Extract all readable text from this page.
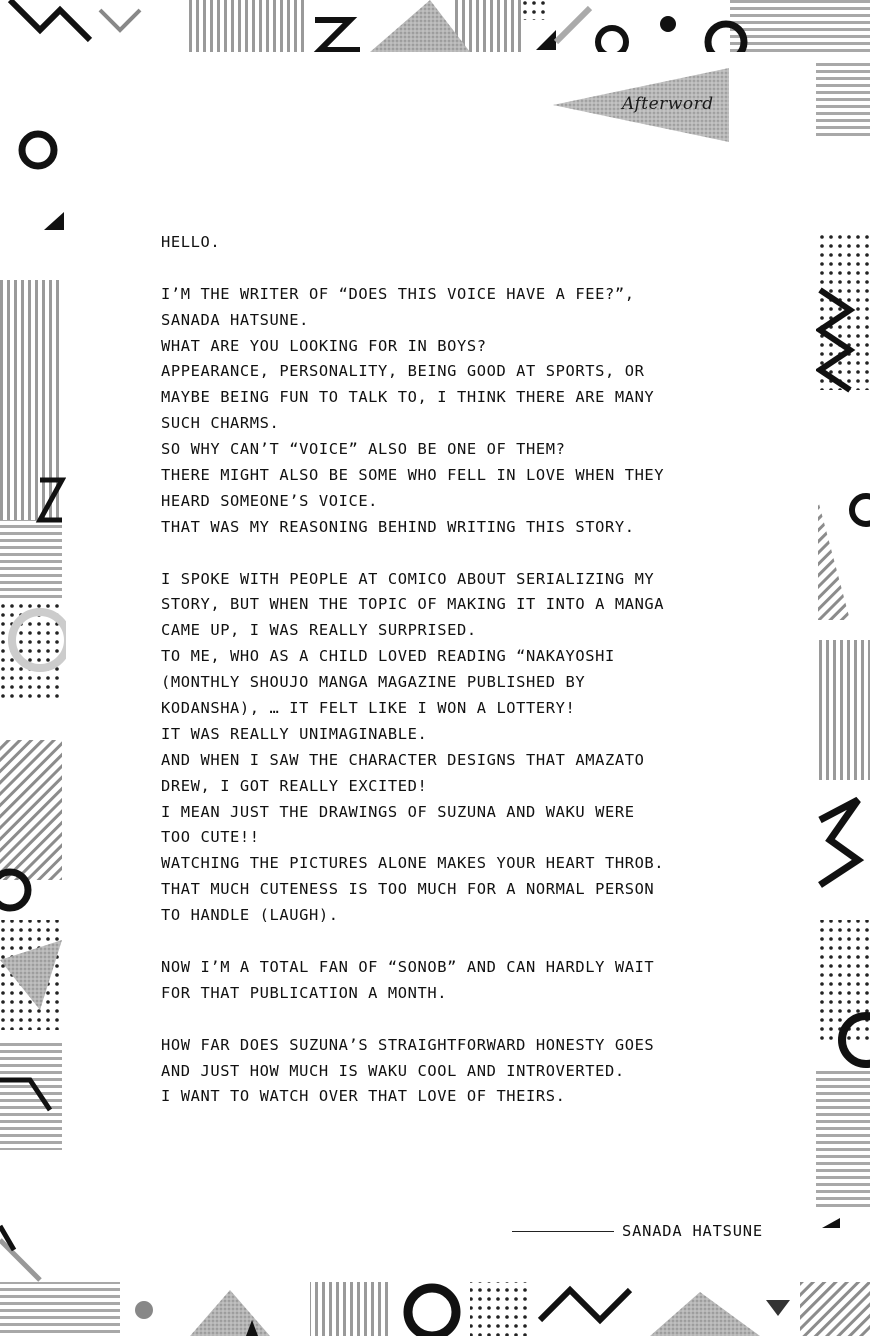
Afterword
HELLO.
I’M THE WRITER OF “DOES THIS VOICE HAVE A FEE?”,
SANADA HATSUNE.
WHAT ARE YOU LOOKING FOR IN BOYS?
APPEARANCE, PERSONALITY, BEING GOOD AT SPORTS, OR
MAYBE BEING FUN TO TALK TO, I THINK THERE ARE MANY
SUCH CHARMS.
SO WHY CAN’T “VOICE” ALSO BE ONE OF THEM?
THERE MIGHT ALSO BE SOME WHO FELL IN LOVE WHEN THEY
HEARD SOMEONE’S VOICE.
THAT WAS MY REASONING BEHIND WRITING THIS STORY.
I SPOKE WITH PEOPLE AT COMICO ABOUT SERIALIZING MY
STORY, BUT WHEN THE TOPIC OF MAKING IT INTO A MANGA
CAME UP, I WAS REALLY SURPRISED.
TO ME, WHO AS A CHILD LOVED READING “NAKAYOSHI
(MONTHLY SHOUJO MANGA MAGAZINE PUBLISHED BY
KODANSHA), … IT FELT LIKE I WON A LOTTERY!
IT WAS REALLY UNIMAGINABLE.
AND WHEN I SAW THE CHARACTER DESIGNS THAT AMAZATO
DREW, I GOT REALLY EXCITED!
I MEAN JUST THE DRAWINGS OF SUZUNA AND WAKU WERE
TOO CUTE!!
WATCHING THE PICTURES ALONE MAKES YOUR HEART THROB.
THAT MUCH CUTENESS IS TOO MUCH FOR A NORMAL PERSON
TO HANDLE (LAUGH).
NOW I’M A TOTAL FAN OF “SONOB” AND CAN HARDLY WAIT
FOR THAT PUBLICATION A MONTH.
HOW FAR DOES SUZUNA’S STRAIGHTFORWARD HONESTY GOES
AND JUST HOW MUCH IS WAKU COOL AND INTROVERTED.
I WANT TO WATCH OVER THAT LOVE OF THEIRS.
SANADA HATSUNE
